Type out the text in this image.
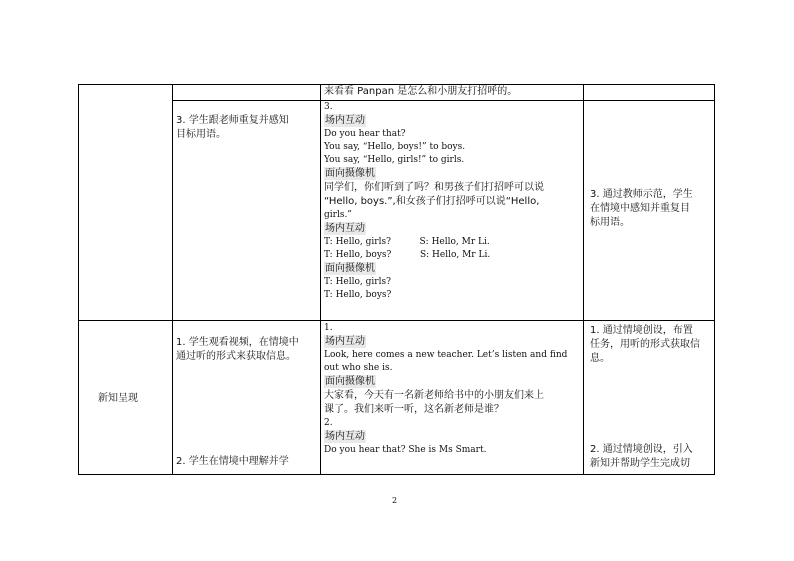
来看看 Panpan 是怎么和小朋友打招呼的。
3. 学生跟老师重复并感知
目标用语。
3.
场内互动
Do you hear that?
You say, “Hello, boys!” to boys.
You say, “Hello, girls!” to girls.
面向摄像机
同学们，你们听到了吗？和男孩子们打招呼可以说
“Hello, boys.”,和女孩子们打招呼可以说“Hello,
girls.”
场内互动
T: Hello, girls?          S: Hello, Mr Li.
T: Hello, boys?          S: Hello, Mr Li.
面向摄像机
T: Hello, girls?
T: Hello, boys?
3. 通过教师示范，学生
在情境中感知并重复目
标用语。
新知呈现
1. 学生观看视频，在情境中
通过听的形式来获取信息。
2. 学生在情境中理解并学
1.
场内互动
Look, here comes a new teacher. Let’s listen and find
out who she is.
面向摄像机
大家看，今天有一名新老师给书中的小朋友们来上
课了。我们来听一听，这名新老师是谁？
2.
场内互动
Do you hear that? She is Ms Smart.
1. 通过情境创设，布置
任务，用听的形式获取信
息。
2. 通过情境创设，引入
新知并帮助学生完成切
2
